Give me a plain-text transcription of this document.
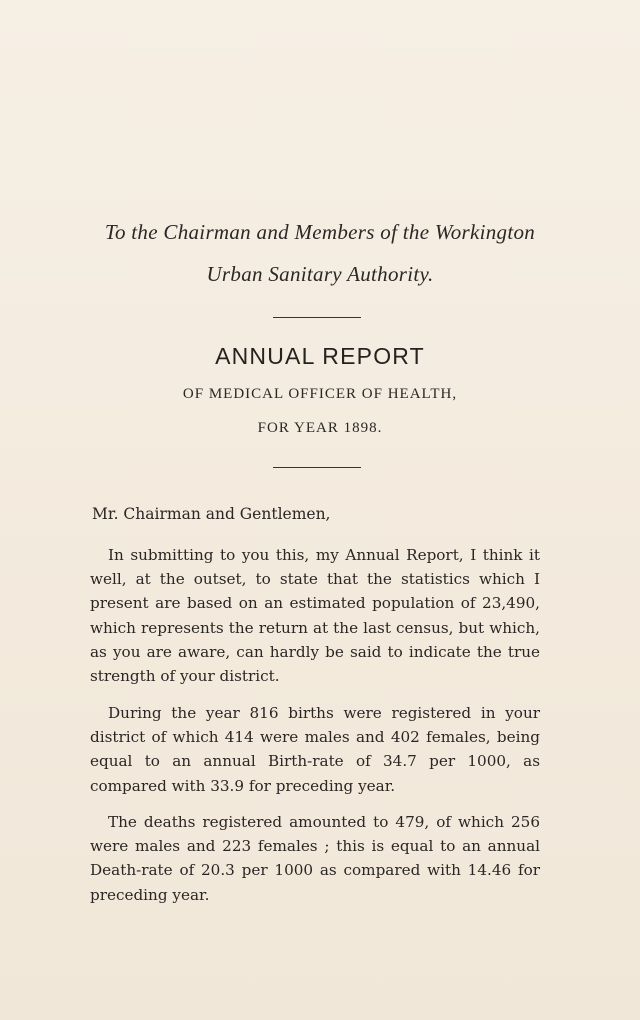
To the Chairman and Members of the Workington
Urban Sanitary Authority.
ANNUAL REPORT
OF MEDICAL OFFICER OF HEALTH,
FOR YEAR 1898.
Mr. Chairman and Gentlemen,

In submitting to you this, my Annual Report, I think it well, at the outset, to state that the statistics which I present are based on an estimated population of 23,490, which represents the return at the last census, but which, as you are aware, can hardly be said to indicate the true strength of your district.

During the year 816 births were registered in your district of which 414 were males and 402 females, being equal to an annual Birth-rate of 34.7 per 1000, as compared with 33.9 for preceding year.

The deaths registered amounted to 479, of which 256 were males and 223 females ; this is equal to an annual Death-rate of 20.3 per 1000 as compared with 14.46 for preceding year.
